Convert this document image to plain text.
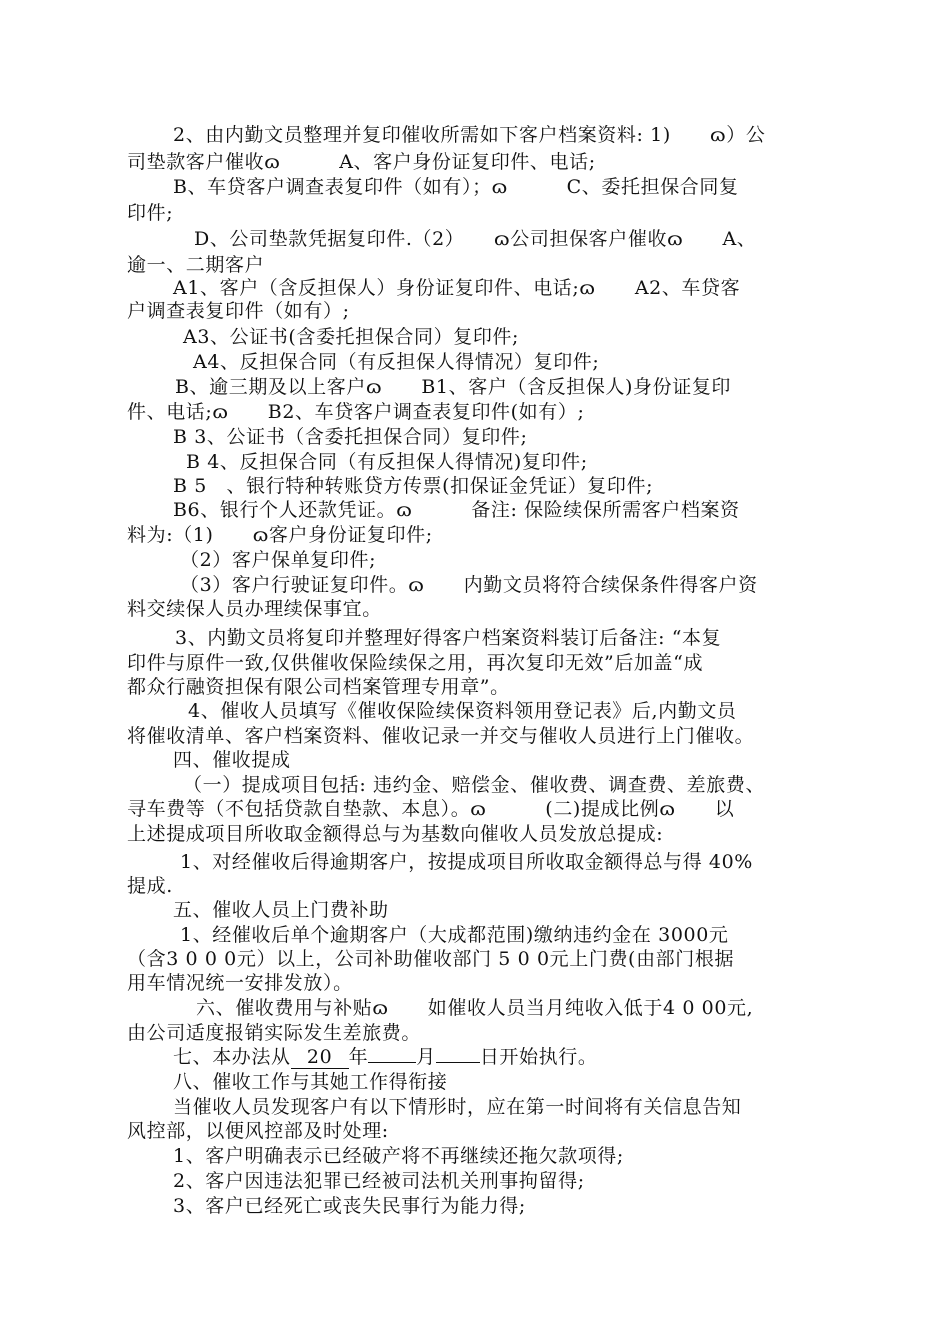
2、由内勤文员整理并复印催收所需如下客户档案资料: 1)　　ɷ）公
司垫款客户催收ɷ　　　A、客户身份证复印件、电话;
B、车贷客户调查表复印件（如有）；ɷ　　　C、委托担保合同复
印件;
D、公司垫款凭据复印件.（2）　　ɷ公司担保客户催收ɷ　　A、
逾一、二期客户
A1、客户（含反担保人）身份证复印件、电话;ɷ　　A2、车贷客
户调查表复印件（如有）;
A3、公证书(含委托担保合同）复印件;
A4、反担保合同（有反担保人得情况）复印件;
B、逾三期及以上客户ɷ　　B1、客户（含反担保人)身份证复印
件、电话;ɷ　　B2、车贷客户调查表复印件(如有）;
B 3、公证书（含委托担保合同）复印件;
B 4、反担保合同（有反担保人得情况)复印件;
B 5　、银行特种转账贷方传票(扣保证金凭证）复印件;
B6、银行个人还款凭证。ɷ　　　备注: 保险续保所需客户档案资
料为:（1)　　ɷ客户身份证复印件;
（2）客户保单复印件;
（3）客户行驶证复印件。ɷ　　内勤文员将符合续保条件得客户资
料交续保人员办理续保事宜。
3、内勤文员将复印并整理好得客户档案资料装订后备注: “本复
印件与原件一致,仅供催收保险续保之用，再次复印无效”后加盖“成
都众行融资担保有限公司档案管理专用章”。
4、催收人员填写《催收保险续保资料领用登记表》后,内勤文员
将催收清单、客户档案资料、催收记录一并交与催收人员进行上门催收。
四、催收提成
（一）提成项目包括: 违约金、赔偿金、催收费、调查费、差旅费、
寻车费等（不包括贷款自垫款、本息）。ɷ　　　(二)提成比例ɷ　　以
上述提成项目所收取金额得总与为基数向催收人员发放总提成:
1、对经催收后得逾期客户，按提成项目所收取金额得总与得 40%
提成.
五、催收人员上门费补助
1、经催收后单个逾期客户（大成都范围)缴纳违约金在 3000元
（含3 0 0 0元）以上，公司补助催收部门 5 0 0元上门费(由部门根据
用车情况统一安排发放）。
六、催收费用与补贴ɷ　　如催收人员当月纯收入低于4 0 00元,
由公司适度报销实际发生差旅费。
七、本办法从 20 年	月 日开始执行。
八、催收工作与其她工作得衔接
当催收人员发现客户有以下情形时，应在第一时间将有关信息告知
风控部，以便风控部及时处理:
1、客户明确表示已经破产将不再继续还拖欠款项得;
2、客户因违法犯罪已经被司法机关刑事拘留得;
3、客户已经死亡或丧失民事行为能力得;
